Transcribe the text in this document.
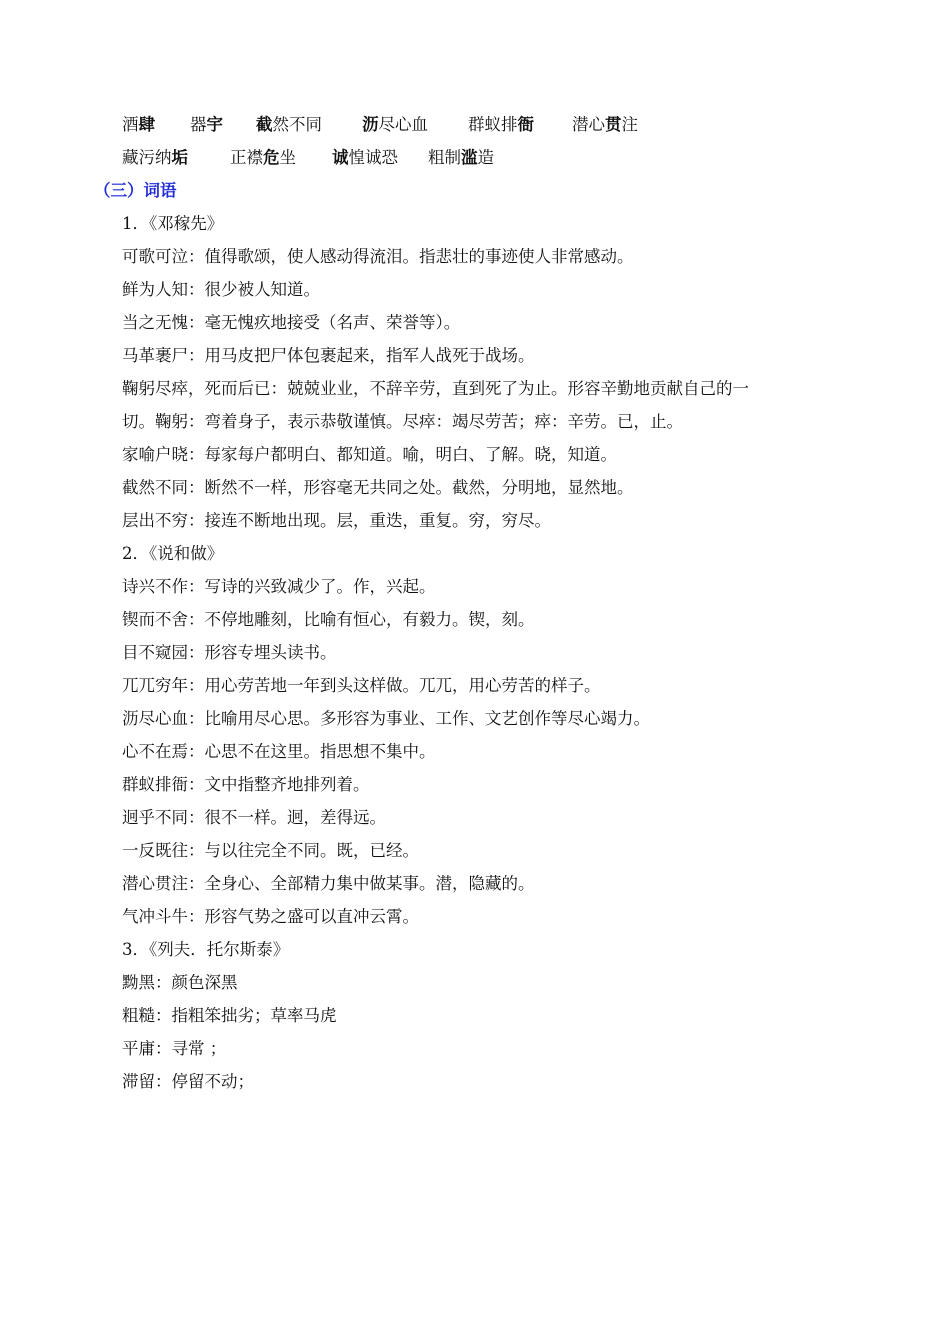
酒肆 器宇 截然不同 沥尽心血 群蚁排衙 潜心贯注
藏污纳垢	正襟危坐 诚惶诚恐 粗制滥造
（三）词语
1．《邓稼先》
可歌可泣：值得歌颂，使人感动得流泪。指悲壮的事迹使人非常感动。
鲜为人知：很少被人知道。
当之无愧：毫无愧疚地接受（名声、荣誉等）。
马革裹尸：用马皮把尸体包裹起来，指军人战死于战场。
鞠躬尽瘁，死而后已：兢兢业业，不辞辛劳，直到死了为止。形容辛勤地贡献自己的一
切。鞠躬：弯着身子，表示恭敬谨慎。尽瘁：竭尽劳苦；瘁：辛劳。已，止。
家喻户晓：每家每户都明白、都知道。喻，明白、了解。晓，知道。
截然不同：断然不一样，形容毫无共同之处。截然，分明地，显然地。
层出不穷：接连不断地出现。层，重迭，重复。穷，穷尽。
2．《说和做》
诗兴不作：写诗的兴致减少了。作，兴起。
锲而不舍：不停地雕刻，比喻有恒心，有毅力。锲，刻。
目不窥园：形容专埋头读书。
兀兀穷年：用心劳苦地一年到头这样做。兀兀，用心劳苦的样子。
沥尽心血：比喻用尽心思。多形容为事业、工作、文艺创作等尽心竭力。
心不在焉：心思不在这里。指思想不集中。
群蚁排衙：文中指整齐地排列着。
迥乎不同：很不一样。迥，差得远。
一反既往：与以往完全不同。既，已经。
潜心贯注：全身心、全部精力集中做某事。潜，隐藏的。
气冲斗牛：形容气势之盛可以直冲云霄。
3．《列夫．托尔斯泰》
黝黑：颜色深黑
粗糙：指粗笨拙劣；草率马虎
平庸：寻常 ；
滞留：停留不动；
